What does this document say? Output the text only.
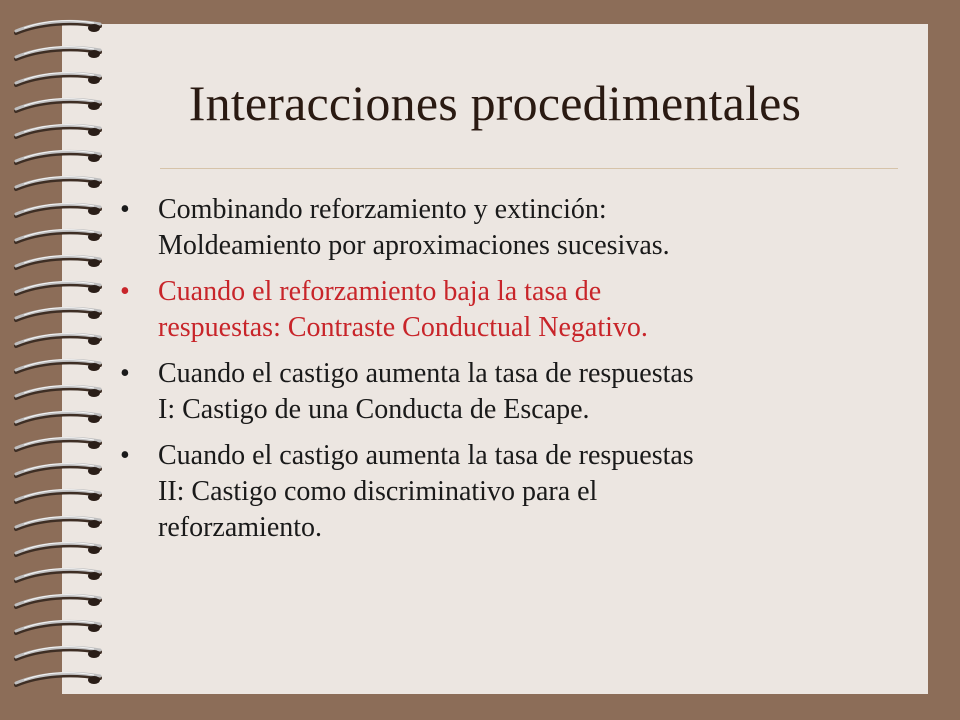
Interacciones procedimentales
• Combinando reforzamiento y extinción:
Moldeamiento por aproximaciones sucesivas.
• Cuando el reforzamiento baja la tasa de
respuestas: Contraste Conductual Negativo.
• Cuando el castigo aumenta la tasa de respuestas
I: Castigo de una Conducta de Escape.
• Cuando el castigo aumenta la tasa de respuestas
II: Castigo como discriminativo para el
reforzamiento.
